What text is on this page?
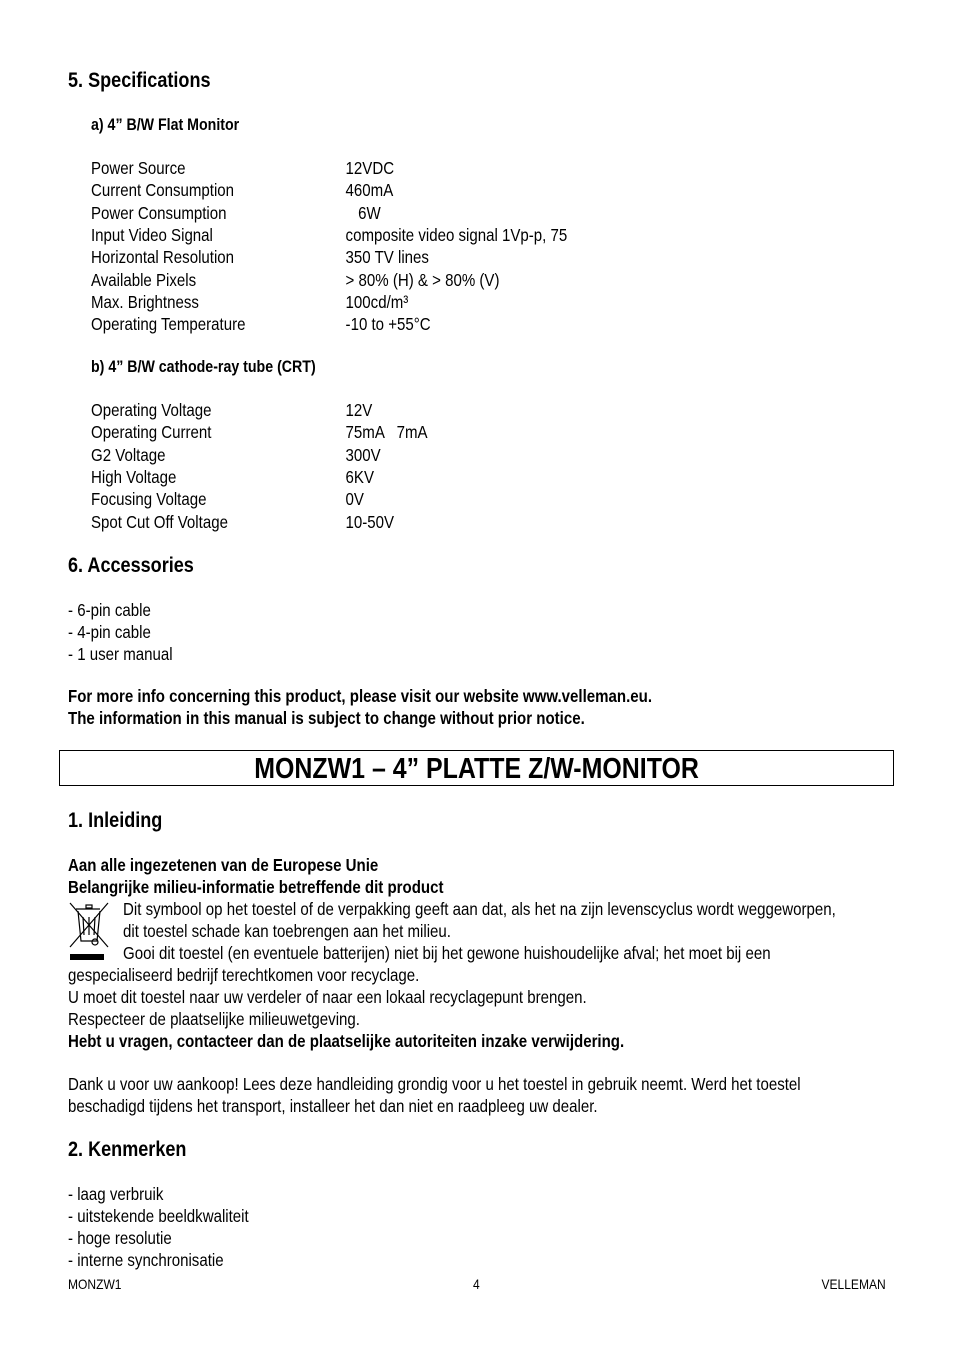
5. Specifications
a) 4” B/W Flat Monitor
Power Source	12VDC
Current Consumption	460mA
Power Consumption	6W
Input Video Signal	composite video signal 1Vp-p, 75
Horizontal Resolution	350 TV lines
Available Pixels	> 80% (H) & > 80% (V)
Max. Brightness	100cd/m³
Operating Temperature	-10 to +55°C
b) 4” B/W cathode-ray tube (CRT)
Operating Voltage	12V
Operating Current	75mA   7mA
G2 Voltage	300V
High Voltage	6KV
Focusing Voltage	0V
Spot Cut Off Voltage	10-50V
6. Accessories
- 6-pin cable
- 4-pin cable
- 1 user manual
For more info concerning this product, please visit our website www.velleman.eu.
The information in this manual is subject to change without prior notice.
MONZW1 – 4” PLATTE Z/W-MONITOR
1. Inleiding
Aan alle ingezetenen van de Europese Unie
Belangrijke milieu-informatie betreffende dit product
Dit symbool op het toestel of de verpakking geeft aan dat, als het na zijn levenscyclus wordt weggeworpen,
dit toestel schade kan toebrengen aan het milieu.
Gooi dit toestel (en eventuele batterijen) niet bij het gewone huishoudelijke afval; het moet bij een
gespecialiseerd bedrijf terechtkomen voor recyclage.
U moet dit toestel naar uw verdeler of naar een lokaal recyclagepunt brengen.
Respecteer de plaatselijke milieuwetgeving.
Hebt u vragen, contacteer dan de plaatselijke autoriteiten inzake verwijdering.
Dank u voor uw aankoop! Lees deze handleiding grondig voor u het toestel in gebruik neemt. Werd het toestel
beschadigd tijdens het transport, installeer het dan niet en raadpleeg uw dealer.
2. Kenmerken
- laag verbruik
- uitstekende beeldkwaliteit
- hoge resolutie
- interne synchronisatie
MONZW1	4	VELLEMAN
